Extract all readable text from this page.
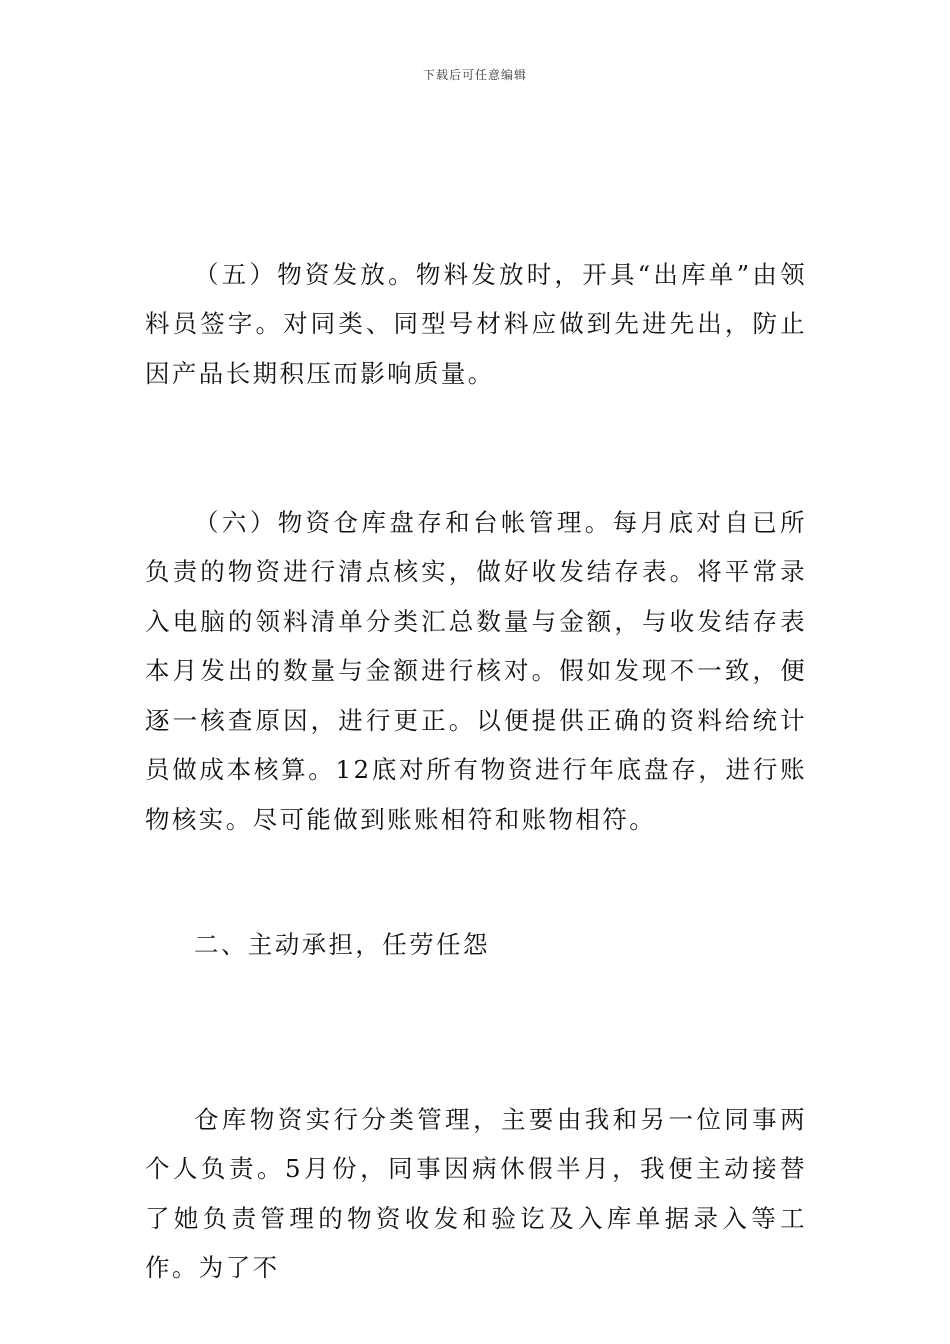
下载后可任意编辑

（五）物资发放。物料发放时，开具“出库单”由领料员签字。对同类、同型号材料应做到先进先出，防止因产品长期积压而影响质量。

（六）物资仓库盘存和台帐管理。每月底对自已所负责的物资进行清点核实，做好收发结存表。将平常录入电脑的领料清单分类汇总数量与金额，与收发结存表本月发出的数量与金额进行核对。假如发现不一致，便逐一核查原因，进行更正。以便提供正确的资料给统计员做成本核算。12底对所有物资进行年底盘存，进行账物核实。尽可能做到账账相符和账物相符。

二、主动承担，任劳任怨

仓库物资实行分类管理，主要由我和另一位同事两个人负责。5月份，同事因病休假半月，我便主动接替了她负责管理的物资收发和验讫及入库单据录入等工作。为了不
